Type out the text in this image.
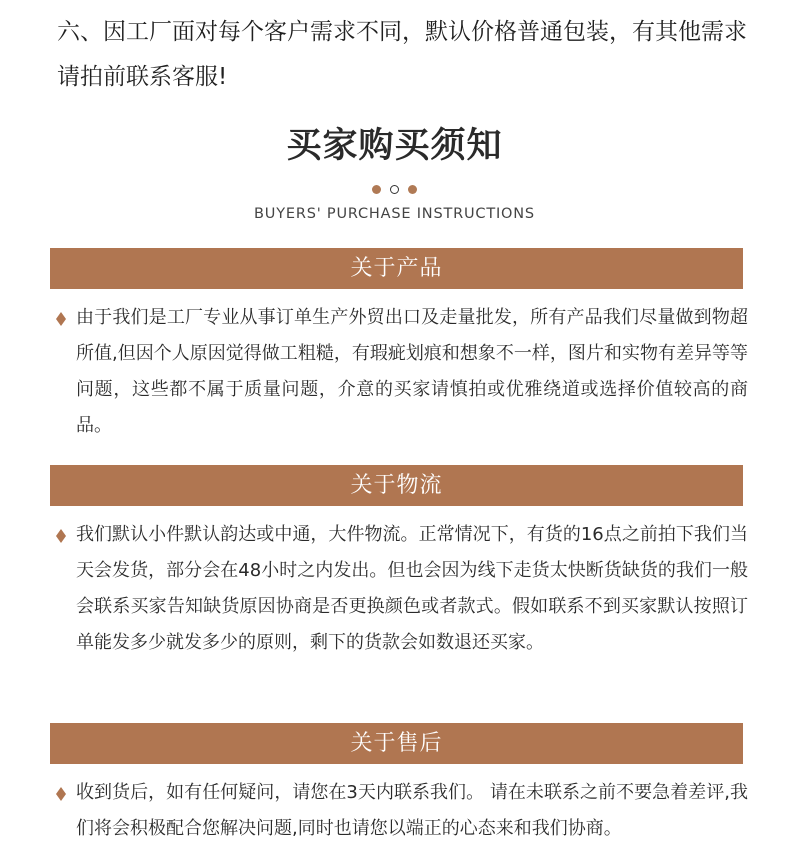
六、因工厂面对每个客户需求不同，默认价格普通包装，有其他需求请拍前联系客服!

买家购买须知

BUYERS' PURCHASE INSTRUCTIONS

关于产品

由于我们是工厂专业从事订单生产外贸出口及走量批发，所有产品我们尽量做到物超所值,但因个人原因觉得做工粗糙，有瑕疵划痕和想象不一样，图片和实物有差异等等问题，这些都不属于质量问题，介意的买家请慎拍或优雅绕道或选择价值较高的商品。

关于物流

我们默认小件默认韵达或中通，大件物流。正常情况下，有货的16点之前拍下我们当天会发货，部分会在48小时之内发出。但也会因为线下走货太快断货缺货的我们一般会联系买家告知缺货原因协商是否更换颜色或者款式。假如联系不到买家默认按照订单能发多少就发多少的原则，剩下的货款会如数退还买家。

关于售后

收到货后，如有任何疑问，请您在3天内联系我们。 请在未联系之前不要急着差评,我们将会积极配合您解决问题,同时也请您以端正的心态来和我们协商。
